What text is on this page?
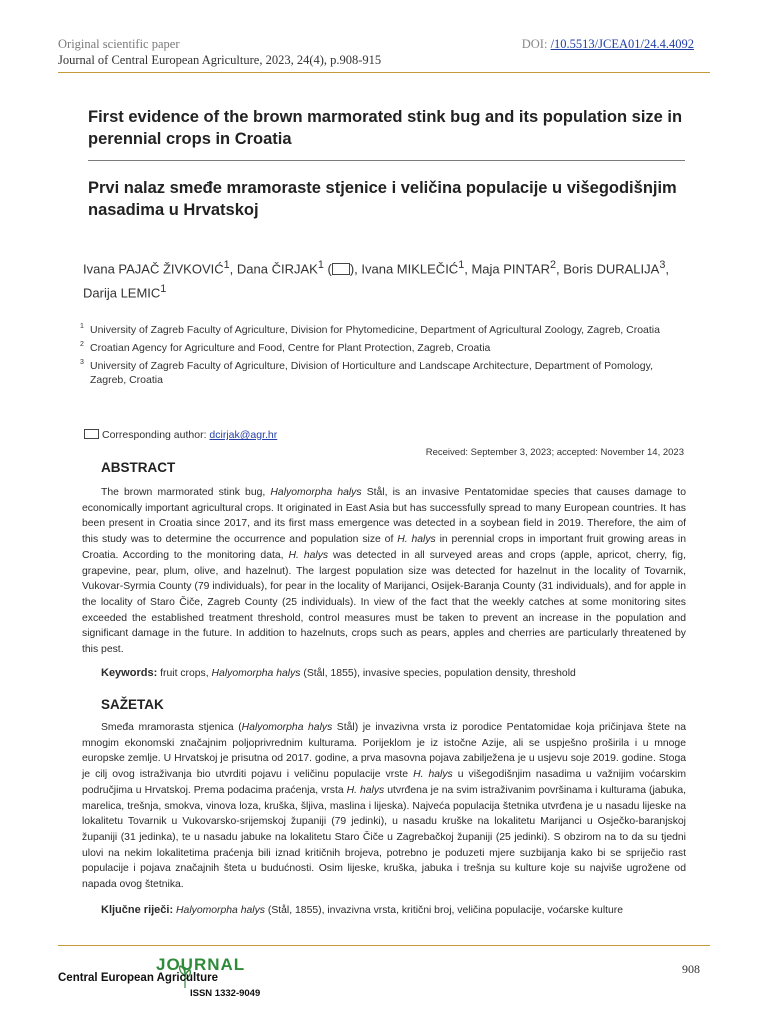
Original scientific paper
Journal of Central European Agriculture, 2023, 24(4), p.908-915
DOI: /10.5513/JCEA01/24.4.4092
First evidence of the brown marmorated stink bug and its population size in perennial crops in Croatia
Prvi nalaz smeđe mramoraste stjenice i veličina populacije u višegodišnjim nasadima u Hrvatskoj
Ivana PAJAČ ŽIVKOVIĆ$^1$, Dana ČIRJAK$^1$ ( ), Ivana MIKLEČIĆ$^1$, Maja PINTAR$^2$, Boris DURALIJA$^3$, Darija LEMIC$^1$
1 University of Zagreb Faculty of Agriculture, Division for Phytomedicine, Department of Agricultural Zoology, Zagreb, Croatia
2 Croatian Agency for Agriculture and Food, Centre for Plant Protection, Zagreb, Croatia
3 University of Zagreb Faculty of Agriculture, Division of Horticulture and Landscape Architecture, Department of Pomology, Zagreb, Croatia
Corresponding author: dcirjak@agr.hr
Received: September 3, 2023; accepted: November 14, 2023
ABSTRACT

The brown marmorated stink bug, Halyomorpha halys Stål, is an invasive Pentatomidae species that causes damage to economically important agricultural crops. It originated in East Asia but has successfully spread to many European countries. It has been present in Croatia since 2017, and its first mass emergence was detected in a soybean field in 2019. Therefore, the aim of this study was to determine the occurrence and population size of H. halys in perennial crops in important fruit growing areas in Croatia. According to the monitoring data, H. halys was detected in all surveyed areas and crops (apple, apricot, cherry, fig, grapevine, pear, plum, olive, and hazelnut). The largest population size was detected for hazelnut in the locality of Tovarnik, Vukovar-Syrmia County (79 individuals), for pear in the locality of Marijanci, Osijek-Baranja County (31 individuals), and for apple in the locality of Staro Čiče, Zagreb County (25 individuals). In view of the fact that the weekly catches at some monitoring sites exceeded the established treatment threshold, control measures must be taken to prevent an increase in the population and significant damage in the future. In addition to hazelnuts, crops such as pears, apples and cherries are particularly threatened by this pest.

Keywords: fruit crops, Halyomorpha halys (Stål, 1855), invasive species, population density, threshold

SAŽETAK

Smeđa mramorasta stjenica (Halyomorpha halys Stål) je invazivna vrsta iz porodice Pentatomidae koja pričinjava štete na mnogim ekonomski značajnim poljoprivrednim kulturama. Porijeklom je iz istočne Azije, ali se uspješno proširila i u mnoge europske zemlje. U Hrvatskoj je prisutna od 2017. godine, a prva masovna pojava zabilježena je u usjevu soje 2019. godine. Stoga je cilj ovog istraživanja bio utvrditi pojavu i veličinu populacije vrste H. halys u višegodišnjim nasadima u važnijim voćarskim područjima u Hrvatskoj. Prema podacima praćenja, vrsta H. halys utvrđena je na svim istraživanim površinama i kulturama (jabuka, marelica, trešnja, smokva, vinova loza, kruška, šljiva, maslina i lijeska). Najveća populacija štetnika utvrđena je u nasadu lijeske na lokalitetu Tovarnik u Vukovarsko-srijemskoj županiji (79 jedinki), u nasadu kruške na lokalitetu Marijanci u Osječko-baranjskoj županiji (31 jedinka), te u nasadu jabuke na lokalitetu Staro Čiče u Zagrebačkoj županiji (25 jedinki). S obzirom na to da su tjedni ulovi na nekim lokalitetima praćenja bili iznad kritičnih brojeva, potrebno je poduzeti mjere suzbijanja kako bi se spriječio rast populacije i pojava značajnih šteta u budućnosti. Osim lijeske, kruška, jabuka i trešnja su kulture koje su najviše ugrožene od napada ovog štetnika.

Ključne riječi: Halyomorpha halys (Stål, 1855), invazivna vrsta, kritični broj, veličina populacije, voćarske kulture

JOURNAL
Central European Agriculture
ISSN 1332-9049
908
